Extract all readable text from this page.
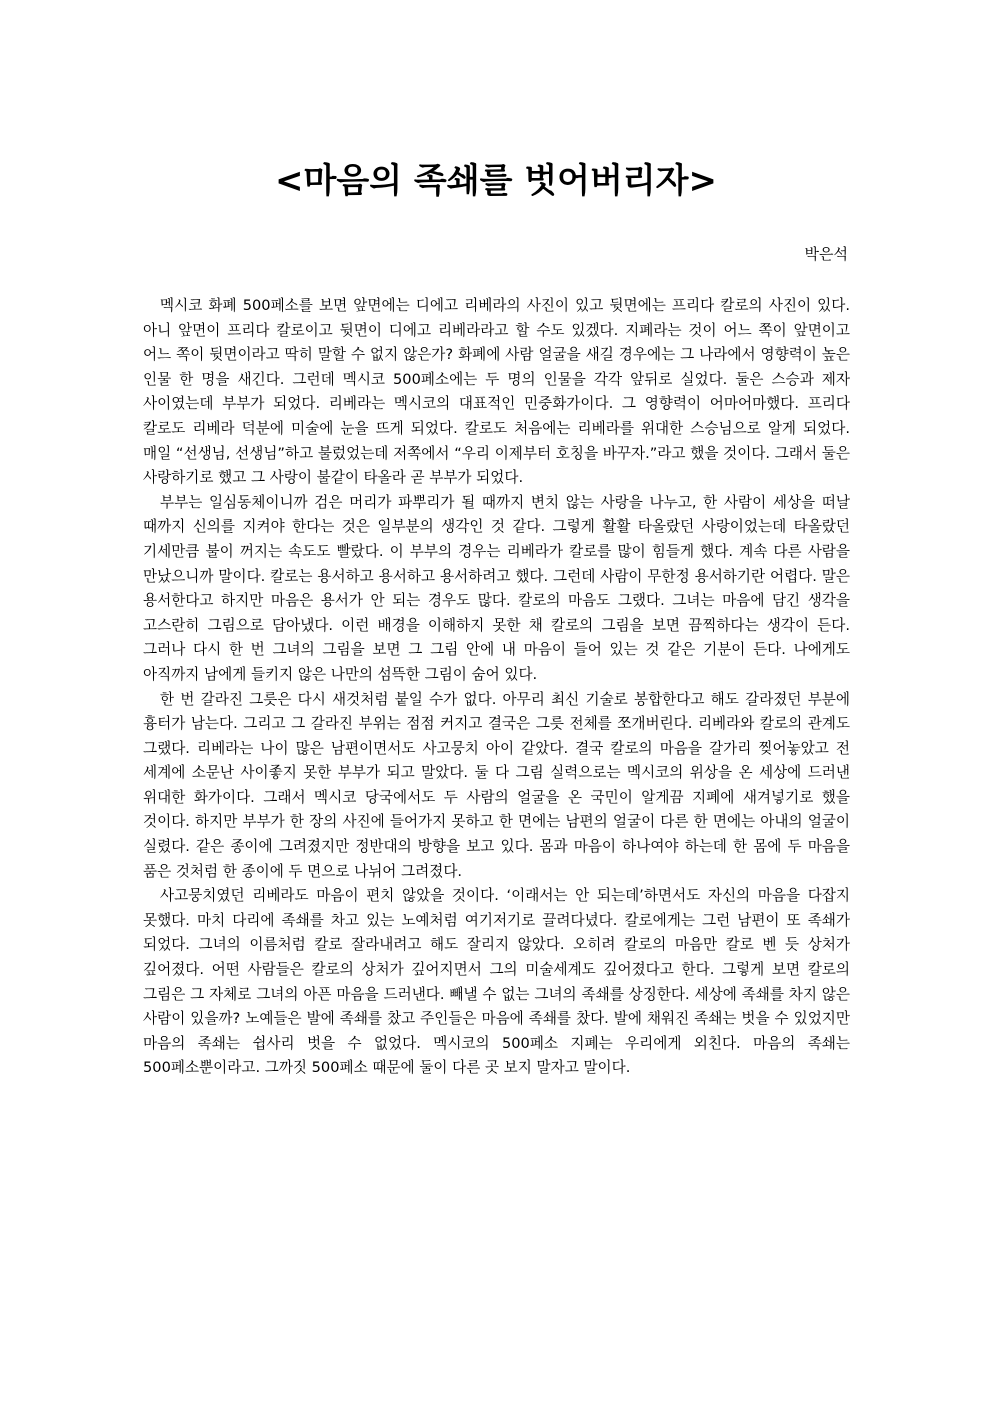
<마음의 족쇄를 벗어버리자>
박은석

멕시코 화폐 500페소를 보면 앞면에는 디에고 리베라의 사진이 있고 뒷면에는 프리다 칼로의 사진이 있다. 아니 앞면이 프리다 칼로이고 뒷면이 디에고 리베라라고 할 수도 있겠다. 지폐라는 것이 어느 쪽이 앞면이고 어느 쪽이 뒷면이라고 딱히 말할 수 없지 않은가? 화폐에 사람 얼굴을 새길 경우에는 그 나라에서 영향력이 높은 인물 한 명을 새긴다. 그런데 멕시코 500페소에는 두 명의 인물을 각각 앞뒤로 실었다. 둘은 스승과 제자 사이였는데 부부가 되었다. 리베라는 멕시코의 대표적인 민중화가이다. 그 영향력이 어마어마했다. 프리다 칼로도 리베라 덕분에 미술에 눈을 뜨게 되었다. 칼로도 처음에는 리베라를 위대한 스승님으로 알게 되었다. 매일 “선생님, 선생님”하고 불렀었는데 저쪽에서 “우리 이제부터 호칭을 바꾸자.”라고 했을 것이다. 그래서 둘은 사랑하기로 했고 그 사랑이 불같이 타올라 곧 부부가 되었다.

부부는 일심동체이니까 검은 머리가 파뿌리가 될 때까지 변치 않는 사랑을 나누고, 한 사람이 세상을 떠날 때까지 신의를 지켜야 한다는 것은 일부분의 생각인 것 같다. 그렇게 활활 타올랐던 사랑이었는데 타올랐던 기세만큼 불이 꺼지는 속도도 빨랐다. 이 부부의 경우는 리베라가 칼로를 많이 힘들게 했다. 계속 다른 사람을 만났으니까 말이다. 칼로는 용서하고 용서하고 용서하려고 했다. 그런데 사람이 무한정 용서하기란 어렵다. 말은 용서한다고 하지만 마음은 용서가 안 되는 경우도 많다. 칼로의 마음도 그랬다. 그녀는 마음에 담긴 생각을 고스란히 그림으로 담아냈다. 이런 배경을 이해하지 못한 채 칼로의 그림을 보면 끔찍하다는 생각이 든다. 그러나 다시 한 번 그녀의 그림을 보면 그 그림 안에 내 마음이 들어 있는 것 같은 기분이 든다. 나에게도 아직까지 남에게 들키지 않은 나만의 섬뜩한 그림이 숨어 있다.

한 번 갈라진 그릇은 다시 새것처럼 붙일 수가 없다. 아무리 최신 기술로 봉합한다고 해도 갈라졌던 부분에 흉터가 남는다. 그리고 그 갈라진 부위는 점점 커지고 결국은 그릇 전체를 쪼개버린다. 리베라와 칼로의 관계도 그랬다. 리베라는 나이 많은 남편이면서도 사고뭉치 아이 같았다. 결국 칼로의 마음을 갈가리 찢어놓았고 전 세계에 소문난 사이좋지 못한 부부가 되고 말았다. 둘 다 그림 실력으로는 멕시코의 위상을 온 세상에 드러낸 위대한 화가이다. 그래서 멕시코 당국에서도 두 사람의 얼굴을 온 국민이 알게끔 지폐에 새겨넣기로 했을 것이다. 하지만 부부가 한 장의 사진에 들어가지 못하고 한 면에는 남편의 얼굴이 다른 한 면에는 아내의 얼굴이 실렸다. 같은 종이에 그려졌지만 정반대의 방향을 보고 있다. 몸과 마음이 하나여야 하는데 한 몸에 두 마음을 품은 것처럼 한 종이에 두 면으로 나뉘어 그려졌다.

사고뭉치였던 리베라도 마음이 편치 않았을 것이다. ‘이래서는 안 되는데’하면서도 자신의 마음을 다잡지 못했다. 마치 다리에 족쇄를 차고 있는 노예처럼 여기저기로 끌려다녔다. 칼로에게는 그런 남편이 또 족쇄가 되었다. 그녀의 이름처럼 칼로 잘라내려고 해도 잘리지 않았다. 오히려 칼로의 마음만 칼로 벤 듯 상처가 깊어졌다. 어떤 사람들은 칼로의 상처가 깊어지면서 그의 미술세계도 깊어졌다고 한다. 그렇게 보면 칼로의 그림은 그 자체로 그녀의 아픈 마음을 드러낸다. 빼낼 수 없는 그녀의 족쇄를 상징한다. 세상에 족쇄를 차지 않은 사람이 있을까? 노예들은 발에 족쇄를 찼고 주인들은 마음에 족쇄를 찼다. 발에 채워진 족쇄는 벗을 수 있었지만 마음의 족쇄는 쉽사리 벗을 수 없었다. 멕시코의 500페소 지폐는 우리에게 외친다. 마음의 족쇄는 500페소뿐이라고. 그까짓 500페소 때문에 둘이 다른 곳 보지 말자고 말이다.
